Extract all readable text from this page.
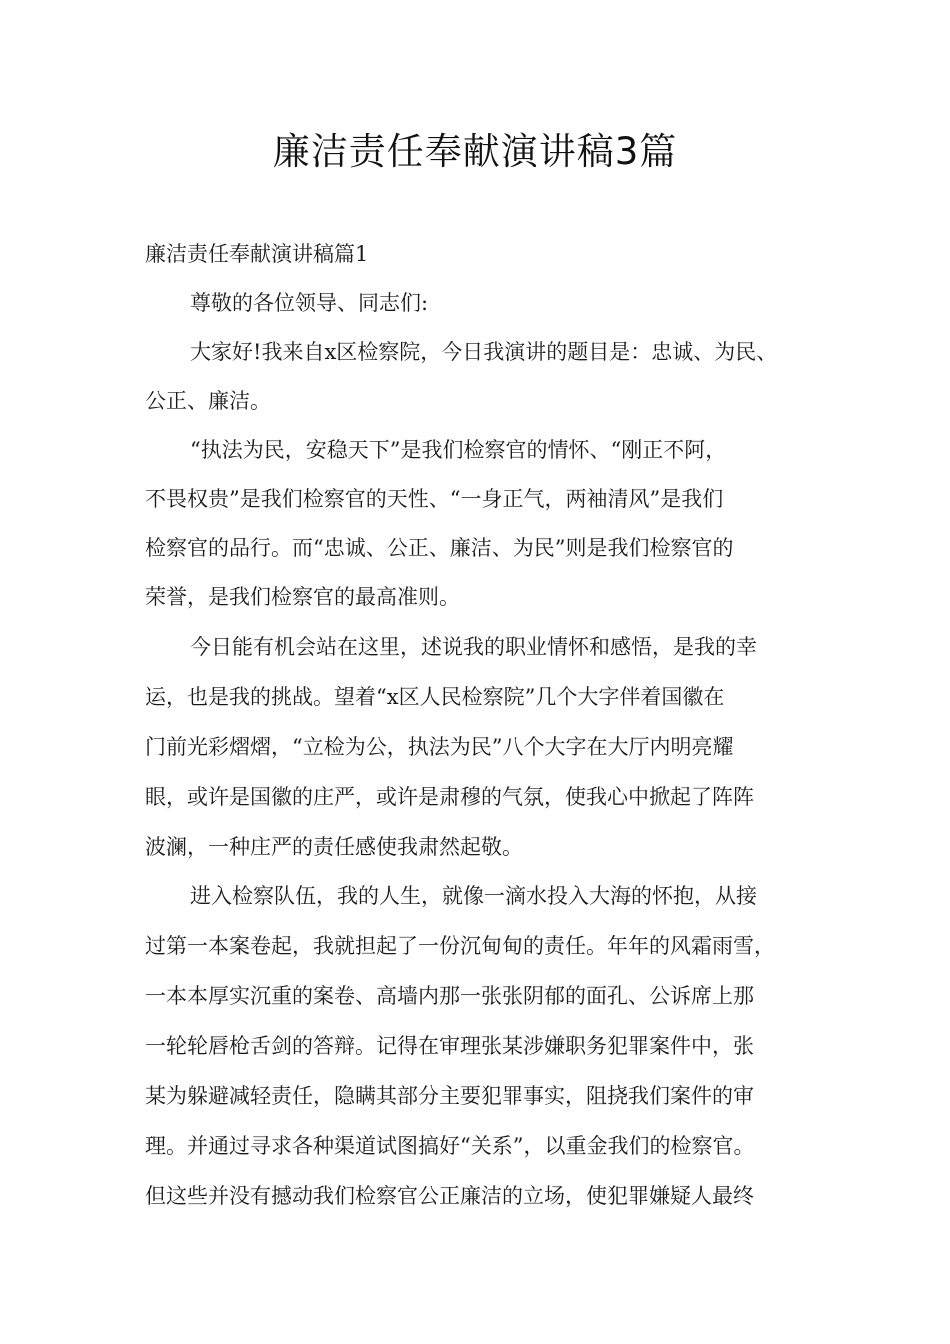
廉洁责任奉献演讲稿3篇

廉洁责任奉献演讲稿篇1

尊敬的各位领导、同志们:

大家好!我来自x区检察院，今日我演讲的题目是：忠诚、为民、

公正、廉洁。

“执法为民，安稳天下”是我们检察官的情怀、“刚正不阿，

不畏权贵”是我们检察官的天性、“一身正气，两袖清风”是我们

检察官的品行。而“忠诚、公正、廉洁、为民”则是我们检察官的

荣誉，是我们检察官的最高准则。

今日能有机会站在这里，述说我的职业情怀和感悟，是我的幸

运，也是我的挑战。望着“x区人民检察院”几个大字伴着国徽在

门前光彩熠熠，“立检为公，执法为民”八个大字在大厅内明亮耀

眼，或许是国徽的庄严，或许是肃穆的气氛，使我心中掀起了阵阵

波澜，一种庄严的责任感使我肃然起敬。

进入检察队伍，我的人生，就像一滴水投入大海的怀抱，从接

过第一本案卷起，我就担起了一份沉甸甸的责任。年年的风霜雨雪，

一本本厚实沉重的案卷、高墙内那一张张阴郁的面孔、公诉席上那

一轮轮唇枪舌剑的答辩。记得在审理张某涉嫌职务犯罪案件中，张

某为躲避减轻责任，隐瞒其部分主要犯罪事实，阻挠我们案件的审

理。并通过寻求各种渠道试图搞好“关系”，以重金我们的检察官。

但这些并没有撼动我们检察官公正廉洁的立场，使犯罪嫌疑人最终
